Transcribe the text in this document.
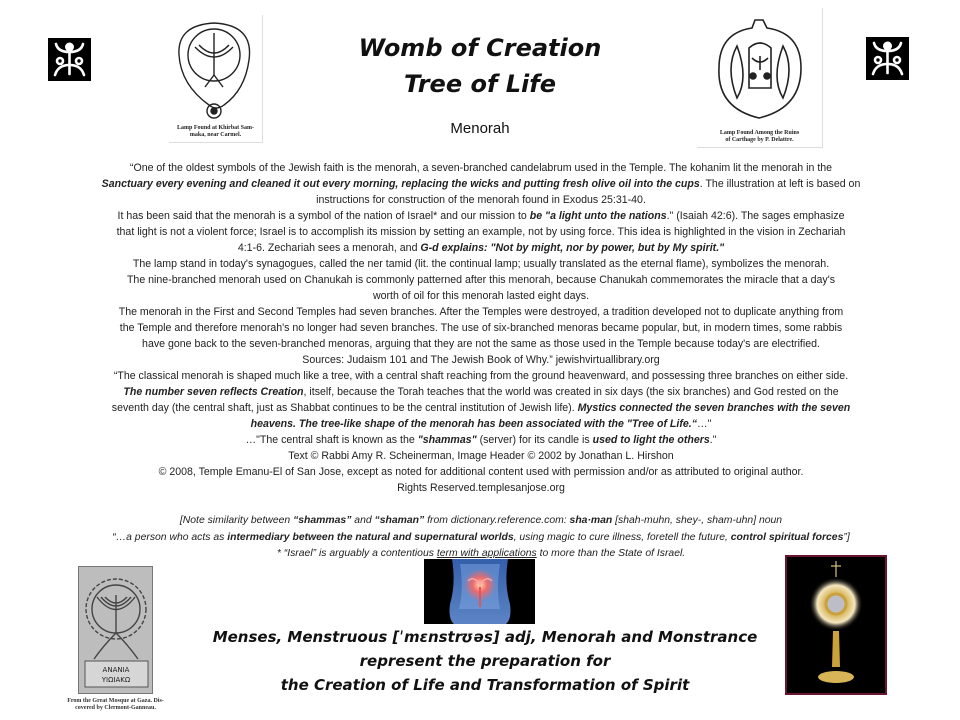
Lamp Found at Khirbat Sam-
maka, near Carmel.	Lamp Found Among the Ruins
of Carthage by P. Delattre.
Womb of Creation
Tree of Life
Menorah
“One of the oldest symbols of the Jewish faith is the menorah, a seven-branched candelabrum used in the Temple. The kohanim lit the menorah in the
Sanctuary every evening and cleaned it out every morning, replacing the wicks and putting fresh olive oil into the cups. The illustration at left is based on
instructions for construction of the menorah found in Exodus 25:31-40.
It has been said that the menorah is a symbol of the nation of Israel* and our mission to be "a light unto the nations." (Isaiah 42:6). The sages emphasize
that light is not a violent force; Israel is to accomplish its mission by setting an example, not by using force. This idea is highlighted in the vision in Zechariah
4:1-6. Zechariah sees a menorah, and G-d explains: "Not by might, nor by power, but by My spirit."
The lamp stand in today's synagogues, called the ner tamid (lit. the continual lamp; usually translated as the eternal flame), symbolizes the menorah.
The nine-branched menorah used on Chanukah is commonly patterned after this menorah, because Chanukah commemorates the miracle that a day's
worth of oil for this menorah lasted eight days.
The menorah in the First and Second Temples had seven branches. After the Temples were destroyed, a tradition developed not to duplicate anything from
the Temple and therefore menorah's no longer had seven branches. The use of six-branched menoras became popular, but, in modern times, some rabbis
have gone back to the seven-branched menoras, arguing that they are not the same as those used in the Temple because today's are electrified.
Sources: Judaism 101 and The Jewish Book of Why.” jewishvirtuallibrary.org
“The classical menorah is shaped much like a tree, with a central shaft reaching from the ground heavenward, and possessing three branches on either side.
The number seven reflects Creation, itself, because the Torah teaches that the world was created in six days (the six branches) and God rested on the
seventh day (the central shaft, just as Shabbat continues to be the central institution of Jewish life). Mystics connected the seven branches with the seven
heavens. The tree-like shape of the menorah has been associated with the "Tree of Life.“…"
…"The central shaft is known as the "shammas" (server) for its candle is used to light the others."
Text © Rabbi Amy R. Scheinerman, Image Header © 2002 by Jonathan L. Hirshon
© 2008, Temple Emanu-El of San Jose, except as noted for additional content used with permission and/or as attributed to original author.
Rights Reserved.templesanjose.org
[Note similarity between “shammas” and “shaman” from dictionary.reference.com: sha·man [shah-muhn, shey-, sham-uhn] noun
“…a person who acts as intermediary between the natural and supernatural worlds, using magic to cure illness, foretell the future, control spiritual forces”]
* “Israel” is arguably a contentious term with applications to more than the State of Israel.
ΑΝΑΝΙΑ
ΥΙΩΙΑΚΩ
From the Great Mosque at Gaza. Dis-
covered by Clermont-Ganneau.
Menses, Menstruous [ˈmɛnstrʊəs] adj, Menorah and Monstrance
represent the preparation for
the Creation of Life and Transformation of Spirit
